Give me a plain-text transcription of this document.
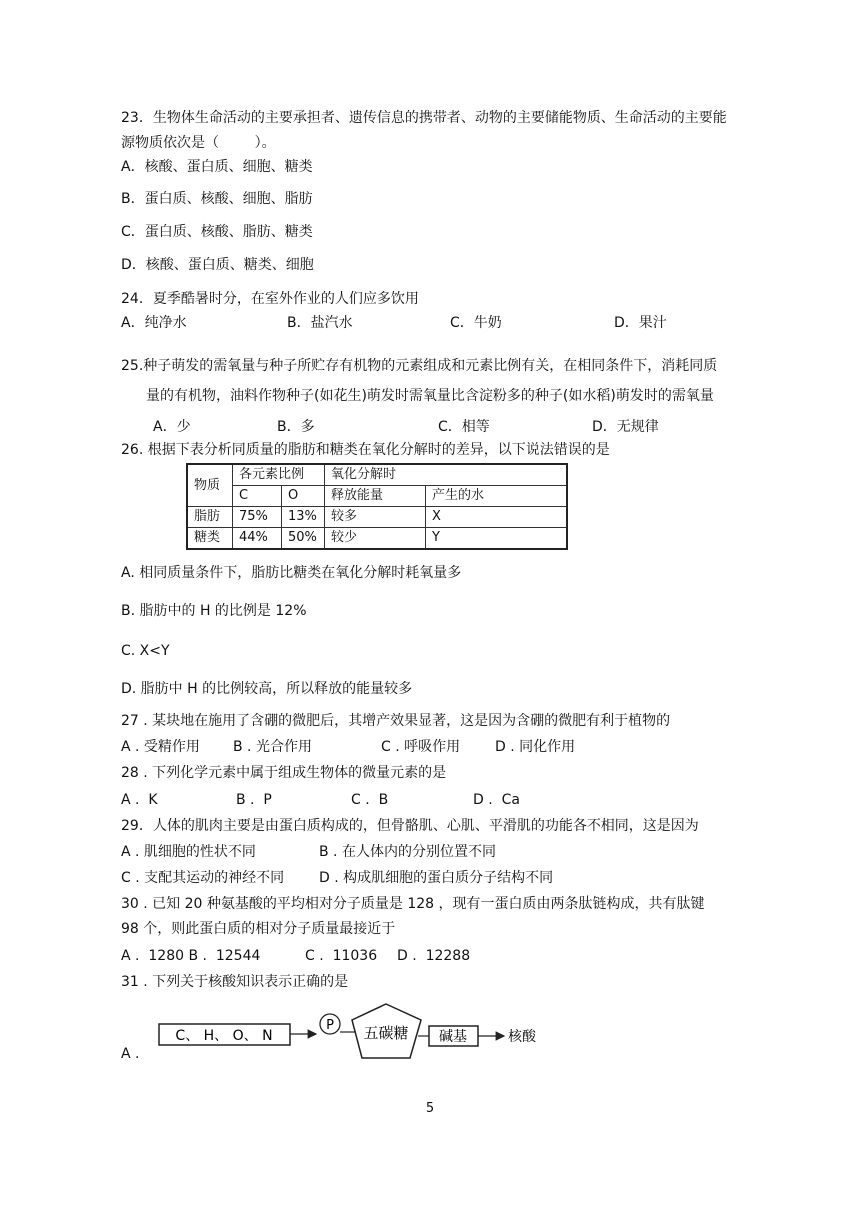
23．生物体生命活动的主要承担者、遗传信息的携带者、动物的主要储能物质、生命活动的主要能
源物质依次是（        ）。
A．核酸、蛋白质、细胞、糖类
B．蛋白质、核酸、细胞、脂肪
C．蛋白质、核酸、脂肪、糖类
D．核酸、蛋白质、糖类、细胞
24．夏季酷暑时分，在室外作业的人们应多饮用
A．纯净水	B．盐汽水	C．牛奶	D．果汁
25.种子萌发的需氧量与种子所贮存有机物的元素组成和元素比例有关，在相同条件下，消耗同质
量的有机物，油料作物种子(如花生)萌发时需氧量比含淀粉多的种子(如水稻)萌发时的需氧量
A．少	B．多	C．相等	D．无规律
26. 根据下表分析同质量的脂肪和糖类在氧化分解时的差异，以下说法错误的是
物质	各元素比例		氧化分解时	
	C	O	释放能量	产生的水
脂肪	75%	13%	较多	X
糖类	44%	50%	较少	Y
A. 相同质量条件下，脂肪比糖类在氧化分解时耗氧量多
B. 脂肪中的 H 的比例是 12%
C. X<Y
D. 脂肪中 H 的比例较高，所以释放的能量较多
27 . 某块地在施用了含硼的微肥后，其增产效果显著，这是因为含硼的微肥有利于植物的
A . 受精作用 B . 光合作用	C . 呼吸作用 D . 同化作用
28 . 下列化学元素中属于组成生物体的微量元素的是
A .  K	B .  P	C .  B	D .  Ca
29．人体的肌肉主要是由蛋白质构成的，但骨骼肌、心肌、平滑肌的功能各不相同，这是因为
A . 肌细胞的性状不同	B . 在人体内的分别位置不同
C . 支配其运动的神经不同 D . 构成肌细胞的蛋白质分子结构不同
30 . 已知 20 种氨基酸的平均相对分子质量是 128 ，现有一蛋白质由两条肽链构成，共有肽键
98 个，则此蛋白质的相对分子质量最接近于
A .  1280 B .  12544	C .  11036 D .  12288
31 . 下列关于核酸知识表示正确的是
C、 H、 O、 N
P 五碳糖 碱基	核酸
A .
5
